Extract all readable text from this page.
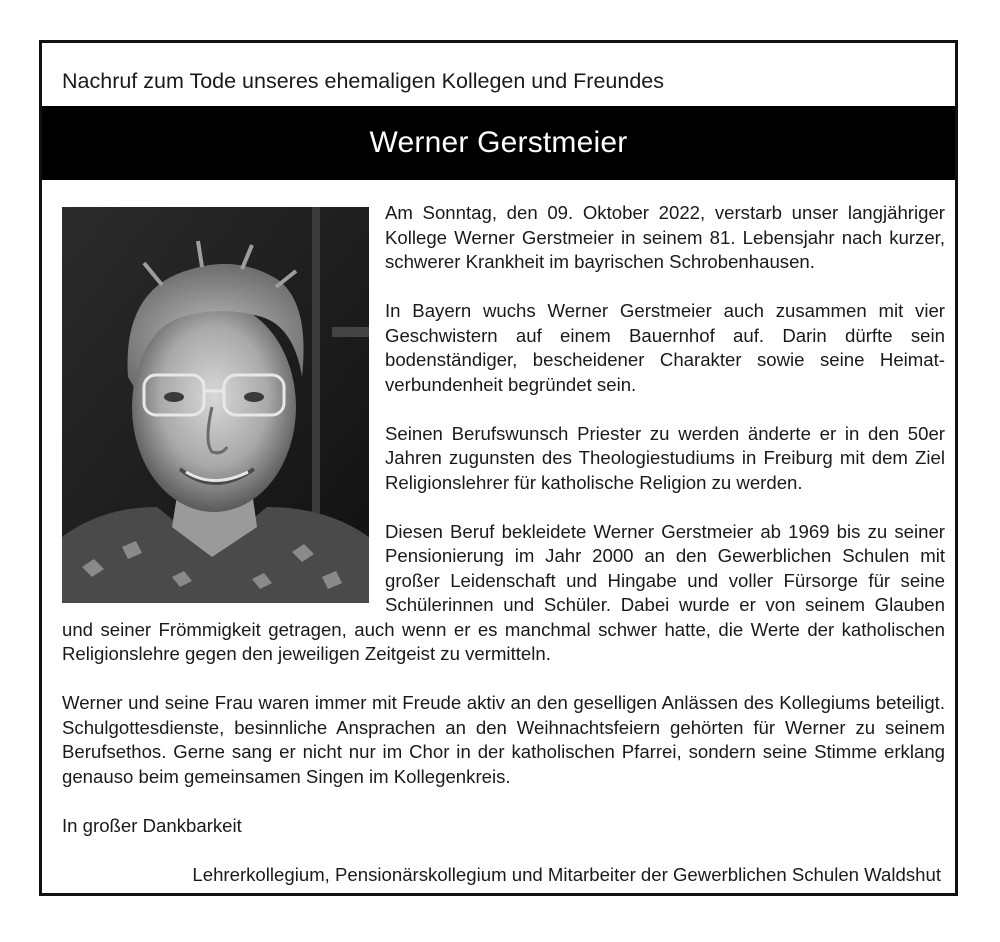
Nachruf zum Tode unseres ehemaligen Kollegen und Freundes
Werner Gerstmeier

Am Sonntag, den 09. Oktober 2022, verstarb unser langjähriger Kollege Werner Gerstmeier in seinem 81. Lebensjahr nach kurzer, schwerer Krankheit im bayrischen Schrobenhausen.

In Bayern wuchs Werner Gerstmeier auch zusammen mit vier Geschwistern auf einem Bauernhof auf. Darin dürfte sein bodenständiger, bescheidener Charakter sowie seine Heimatverbundenheit begründet sein.

Seinen Berufswunsch Priester zu werden änderte er in den 50er Jahren zugunsten des Theologiestudiums in Freiburg mit dem Ziel Religionslehrer für katholische Religion zu werden.

Diesen Beruf bekleidete Werner Gerstmeier ab 1969 bis zu seiner Pensionierung im Jahr 2000 an den Gewerblichen Schulen mit großer Leidenschaft und Hingabe und voller Fürsorge für seine Schülerinnen und Schüler. Dabei wurde er von seinem Glauben und seiner Frömmigkeit getragen, auch wenn er es manchmal schwer hatte, die Werte der katholischen Religionslehre gegen den jeweiligen Zeitgeist zu vermitteln.

Werner und seine Frau waren immer mit Freude aktiv an den geselligen Anlässen des Kollegiums beteiligt. Schulgottesdienste, besinnliche Ansprachen an den Weihnachtsfeiern gehörten für Werner zu seinem Berufsethos. Gerne sang er nicht nur im Chor in der katholischen Pfarrei, sondern seine Stimme erklang genauso beim gemeinsamen Singen im Kollegenkreis.

In großer Dankbarkeit

Lehrerkollegium, Pensionärskollegium und Mitarbeiter der Gewerblichen Schulen Waldshut
